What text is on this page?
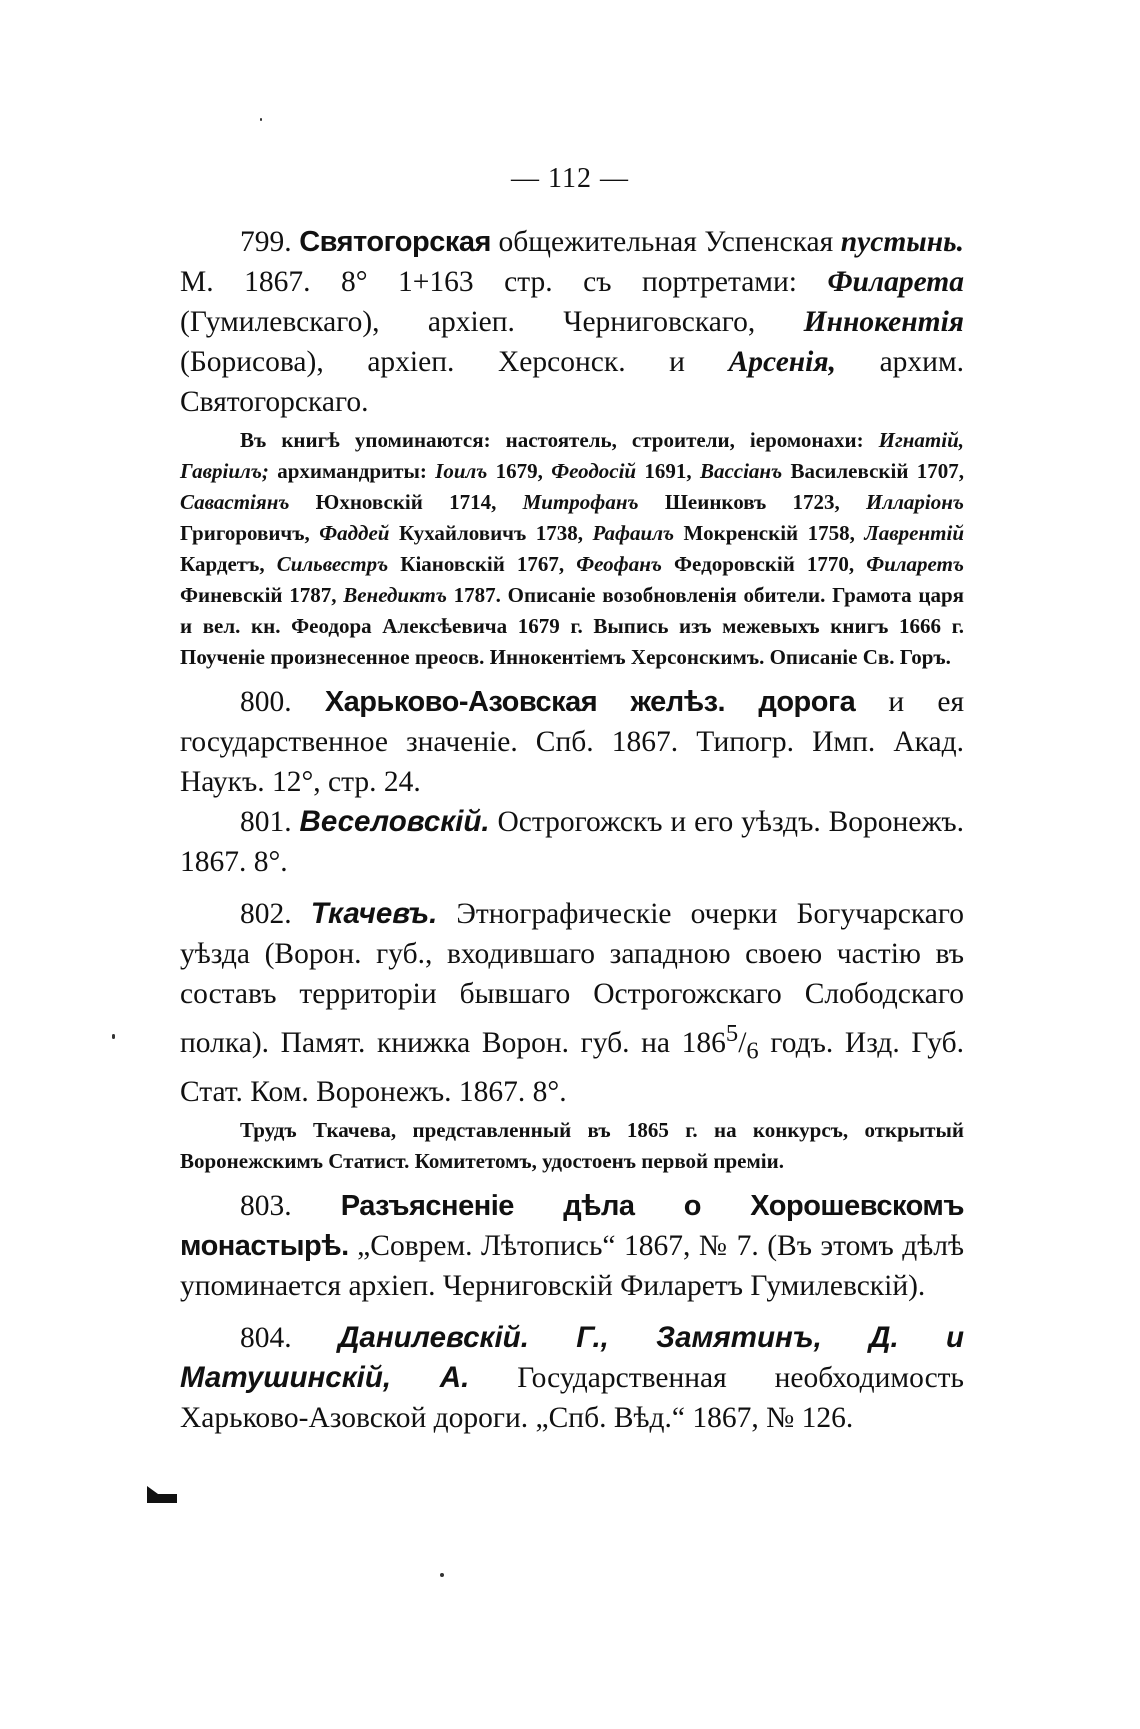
— 112 —

799. Святогорская общежительная Успенская пустынь. М. 1867. 8° 1+163 стр. съ портретами: Филарета (Гумилевскаго), архіеп. Черниговскаго, Иннокентія (Борисова), архіеп. Херсонск. и Арсенія, архим. Святогорскаго.

Въ книгѣ упоминаются: настоятель, строители, іеромонахи: Игнатій, Гавріилъ; архимандриты: Іоилъ 1679, Феодосій 1691, Вассіанъ Василевскій 1707, Савастіянъ Юхновскій 1714, Митрофанъ Шеинковъ 1723, Илларіонъ Григоровичъ, Фаддей Кухайловичъ 1738, Рафаилъ Мокренскій 1758, Лаврентій Кардетъ, Сильвестръ Кіановскій 1767, Феофанъ Федоровскій 1770, Филаретъ Финевскій 1787, Венедиктъ 1787. Описаніе возобновленія обители. Грамота царя и вел. кн. Феодора Алексѣевича 1679 г. Выпись изъ межевыхъ книгъ 1666 г. Поученіе произнесенное преосв. Иннокентіемъ Херсонскимъ. Описаніе Св. Горъ.

800. Харьково-Азовская желѣз. дорога и ея государственное значеніе. Спб. 1867. Типогр. Имп. Акад. Наукъ. 12°, стр. 24.

801. Веселовскій. Острогожскъ и его уѣздъ. Воронежъ. 1867. 8°.

802. Ткачевъ. Этнографическіе очерки Богучарскаго уѣзда (Ворон. губ., входившаго западною своею частію въ составъ территоріи бывшаго Острогожскаго Слободскаго полка). Памят. книжка Ворон. губ. на $186^5/_6$ годъ. Изд. Губ. Стат. Ком. Воронежъ. 1867. 8°.

Трудъ Ткачева, представленный въ 1865 г. на конкурсъ, открытый Воронежскимъ Статист. Комитетомъ, удостоенъ первой преміи.

803. Разъясненіе дѣла о Хорошевскомъ монастырѣ. „Соврем. Лѣтопись“ 1867, № 7. (Въ этомъ дѣлѣ упоминается архіеп. Черниговскій Филаретъ Гумилевскій).

804. Данилевскій. Г., Замятинъ, Д. и Матушинскій, А. Государственная необходимость Харьково-Азовской дороги. „Спб. Вѣд.“ 1867, № 126.
